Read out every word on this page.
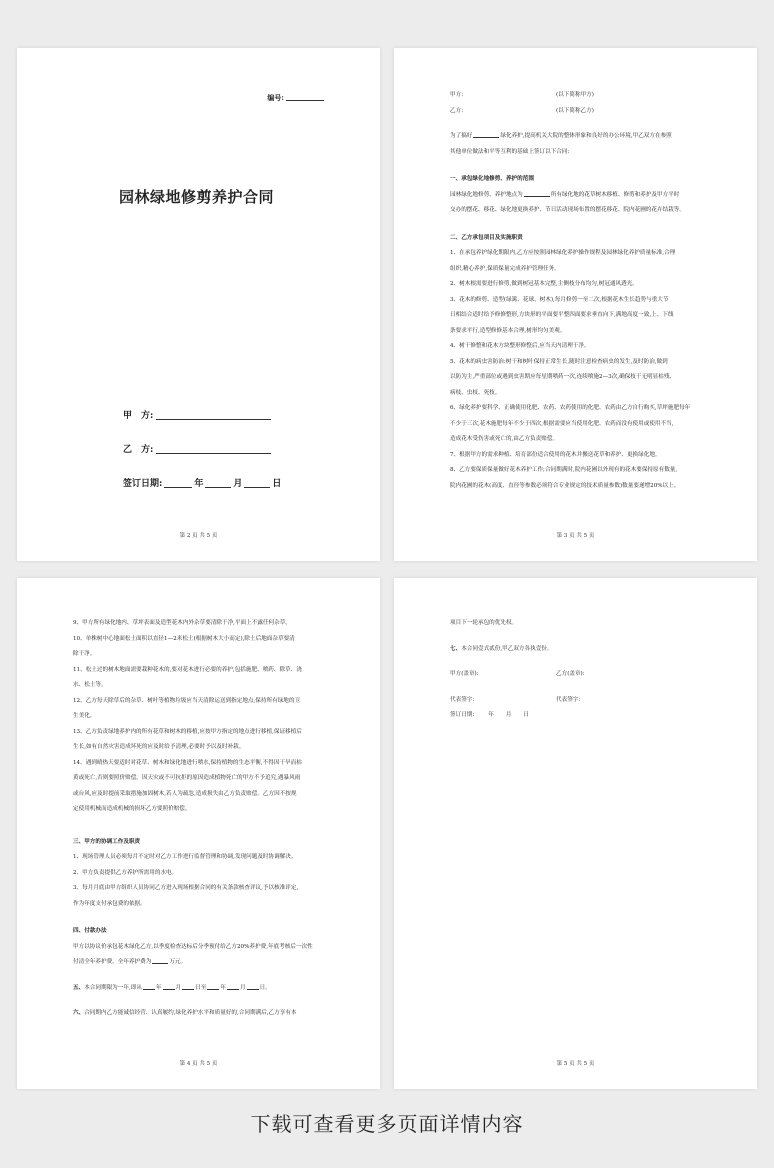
编号:
园林绿地修剪养护合同
甲　方:
乙　方:
签订日期:	年	月	日
第 2 页 共 5 页
甲方:	(以下简称甲方)
乙方:	(以下简称乙方)
为了搞好	绿化养护,提高机关大院的整体形象和良好的办公环境,甲乙双方在参照
其他单位做法和平等互利的基础上签订以下合同:
一、承包绿化地修剪、养护的范围
园林绿化地修剪、养护地点为	所有绿化地的花草树木移植、修剪和养护及甲方平时
交办的摆花、移花、绿化地更换养护、节日活动现场布置的摆花移花、院内花圃的花卉结栽等。
二、乙方承包项目及实施职责
1、在承包养护绿化期限内,乙方应按照园林绿化养护操作规程及园林绿化养护质量标准,合理
组织,精心养护,保质保量完成养护管理任务。
2、树木根需要进行修剪,做到树冠基本完整,主侧枝分布均匀,树冠通风透光。
3、花木的修剪、造型(绿篱、花球、树木),每月修剪一至二次,根据花木生长趋势与重大节
日相结合适时给予修修整形,方块形的平面要平整四面要求垂直向下,满地高度一致,上、下线
条要求平行,造型修修基本合理,树形均匀美观。
4、树干修整和花木方块整形修整后,应当天内清理干净。
5、花木的病虫害防治:树干和树叶保持正常生长,随时注意检查病虫的发生,及时防治,做到
以防为主,严重部位或遇到虫害期应每星期喷药一次,连续喷施2—3次,确保枝干无明显枯残、
病枝、虫枝、死枝。
6、绿化养护要科学、正确使用化肥、农药、农药使用的化肥、农药由乙方自行购买,草坪施肥每年
不少于三次,花木施肥每年不少于四次,根据需要应当使用化肥、农药而没有使用或使用不当,
造成花木受伤害或死亡的,由乙方负责赔偿。
7、根据甲方的需求种植、培育部份适合使用的花木并搬送花草和养护、更换绿化地。
8、乙方要保质保量做好花木养护工作;合同期满时,院内花圃以外现有的花木要保持原有数量,
院内花圃的花木(高度、直径等参数必须符合专业规定的技术质量参数)数量要递增20%以上。
第 3 页 共 5 页
9、甲方所有绿化地内、草坪表面及造型花木内外杂草要清除干净,平面上不露任何杂草。
10、单株树中心地面松土面积以直径1—2米松土(根据树木大小而定),除土后地面杂草要清
除干净。
11、松土过的树木地面需要栽种花木的,要对花木进行必要的养护,包括施肥、喷药、除草、浇
水、松土等。
12、乙方每天除草后的杂草、树叶等植物垃圾应当天清除运送到指定地点,保持所有绿地的卫
生美化。
13、乙方负责绿地养护内的所有花草和树木的移植,应按甲方指定的地点进行移植,保证移植后
生长,如有自然灾害造成坏死的应及时给予清理,必要时予以及时补栽。
14、遇到晴热天要适时对花草、树木和绿化地进行喷水,保持植物的生态平衡,不得因干旱而枯
黄或死亡,否则要照价赔偿。因天灾或不可抗拒的原因造成植物死亡的甲方不予追究,遇暴风雨
或台风,应及时提前采取措施加固树木,若人为疏忽,造成损失由乙方负责赔偿。乙方因不按规
定使用机械而造成机械的损坏乙方要照价赔偿。
三、甲方的协调工作及职责
1、现场管理人员必须每月不定时对乙方工作进行监督管理和协调,发现问题及时协调解决。
2、甲方负责提供乙方养护所需用的水电。
3、每月月底由甲方组织人员协同乙方进入现场根据合同的有关条款核查评议,予以核准评定,
作为年度支付承包费的依据。
四、付款办法
甲方以协议价承包花木绿化乙方,以季度检查达标后分季预付给乙方20%养护费,年底考核后一次性
付清全年养护费。全年养护费为	万元。
五、本合同期限为一年,即从	年	月	日至	年	月	日。
六、合同期内乙方能诚信经营、认真履约,绿化养护水平和质量好的,合同期满后,乙方享有本
第 4 页 共 5 页
项目下一轮承包的优先权。
七、本合同壹式贰份,甲乙双方各执壹份。
甲方(盖章):	乙方(盖章):
代表签字:	代表签字:
签订日期:	年 月 日
第 5 页 共 5 页
下载可查看更多页面详情内容
